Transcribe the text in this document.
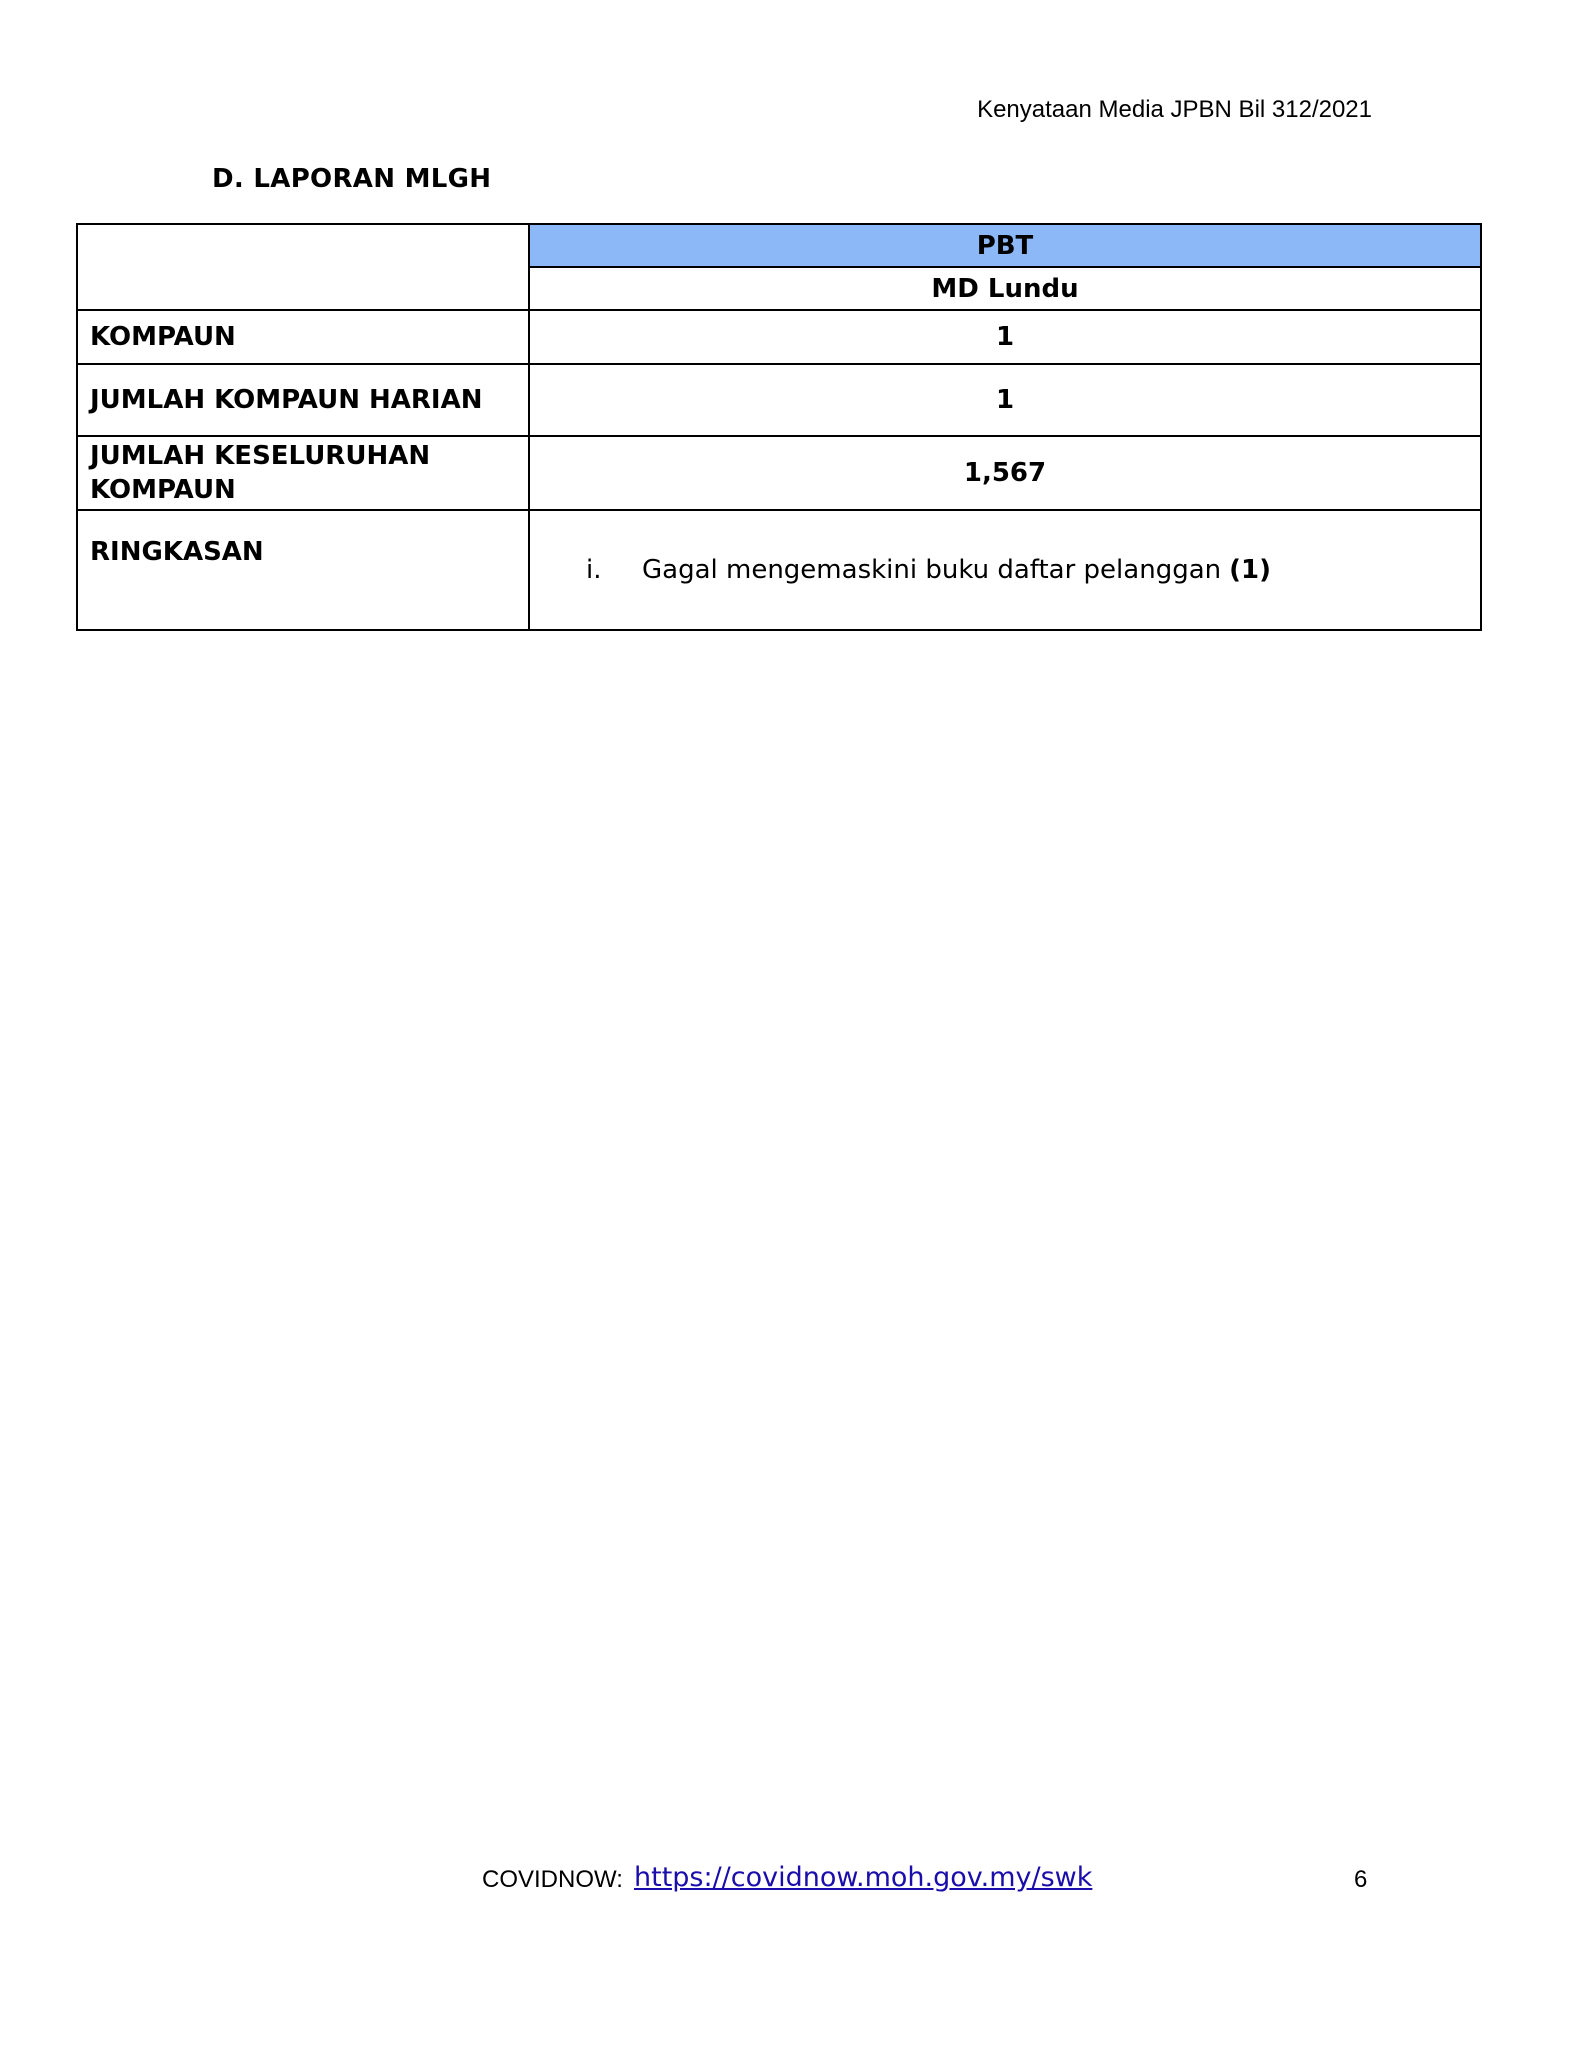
Kenyataan Media JPBN Bil 312/2021
D. LAPORAN MLGH
	PBT
	MD Lundu
KOMPAUN	1
JUMLAH KOMPAUN HARIAN	1

JUMLAH KESELURUHAN
KOMPAUN	1,567
RINGKASAN	i. Gagal mengemaskini buku daftar pelanggan (1)
COVIDNOW: https://covidnow.moh.gov.my/swk	6
